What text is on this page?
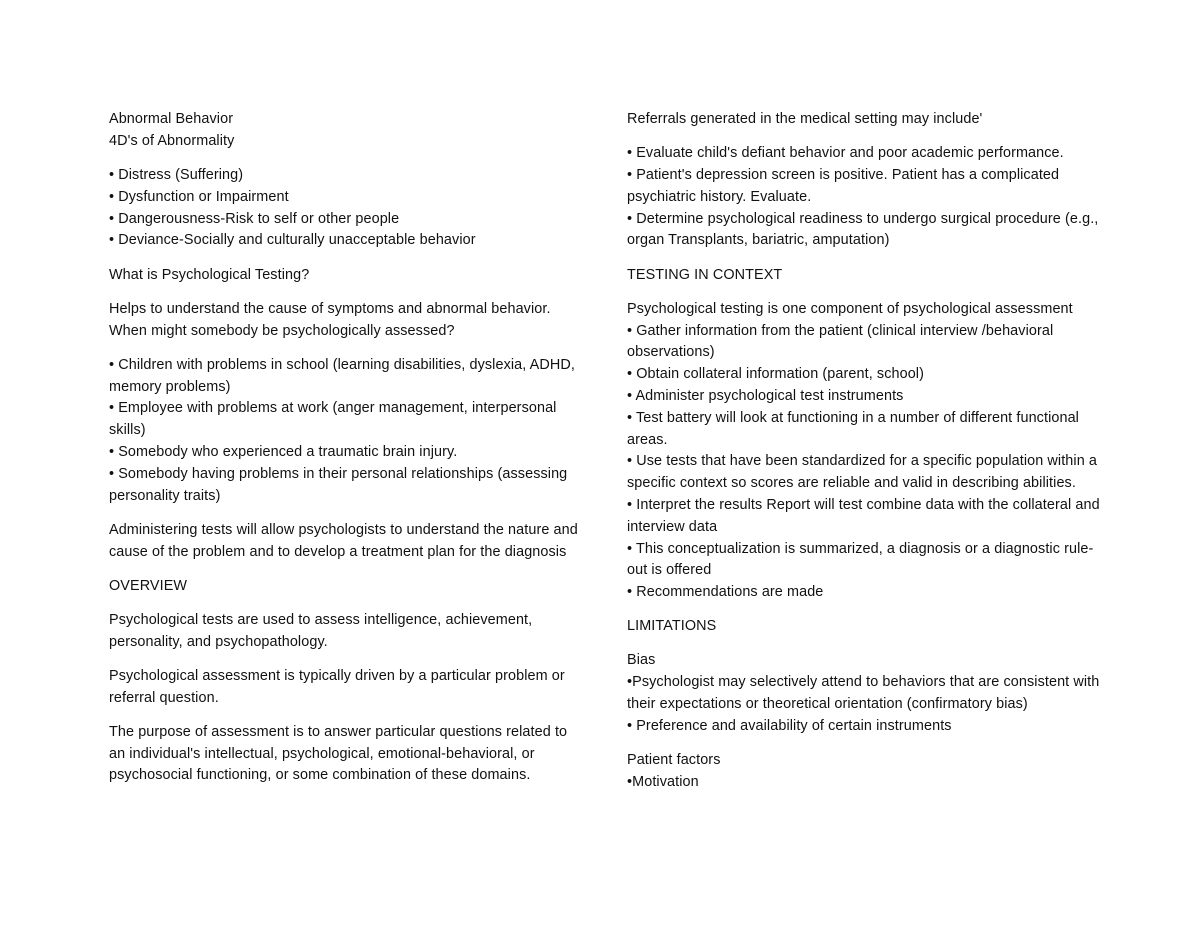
Abnormal Behavior
4D's of Abnormality

• Distress (Suffering)
• Dysfunction or Impairment
• Dangerousness-Risk to self or other people
• Deviance-Socially and culturally unacceptable behavior

What is Psychological Testing?

Helps to understand the cause of symptoms and abnormal behavior. When might somebody be psychologically assessed?

• Children with problems in school (learning disabilities, dyslexia, ADHD, memory problems)
• Employee with problems at work (anger management, interpersonal skills)
• Somebody who experienced a traumatic brain injury.
• Somebody having problems in their personal relationships (assessing personality traits)

Administering tests will allow psychologists to understand the nature and cause of the problem and to develop a treatment plan for the diagnosis

OVERVIEW

Psychological tests are used to assess intelligence, achievement, personality, and psychopathology.

Psychological assessment is typically driven by a particular problem or referral question.

The purpose of assessment is to answer particular questions related to an individual's intellectual, psychological, emotional-behavioral, or psychosocial functioning, or some combination of these domains.

Referrals generated in the medical setting may include'

• Evaluate child's defiant behavior and poor academic performance.
• Patient's depression screen is positive. Patient has a complicated psychiatric history. Evaluate.
• Determine psychological readiness to undergo surgical procedure (e.g., organ Transplants, bariatric, amputation)

TESTING IN CONTEXT

Psychological testing is one component of psychological assessment
• Gather information from the patient (clinical interview /behavioral observations)
• Obtain collateral information (parent, school)
• Administer psychological test instruments
• Test battery will look at functioning in a number of different functional areas.
• Use tests that have been standardized for a specific population within a specific context so scores are reliable and valid in describing abilities.
• Interpret the results Report will test combine data with the collateral and interview data
• This conceptualization is summarized, a diagnosis or a diagnostic rule-out is offered
• Recommendations are made

LIMITATIONS

Bias
•Psychologist may selectively attend to behaviors that are consistent with their expectations or theoretical orientation (confirmatory bias)
• Preference and availability of certain instruments

Patient factors
•Motivation
